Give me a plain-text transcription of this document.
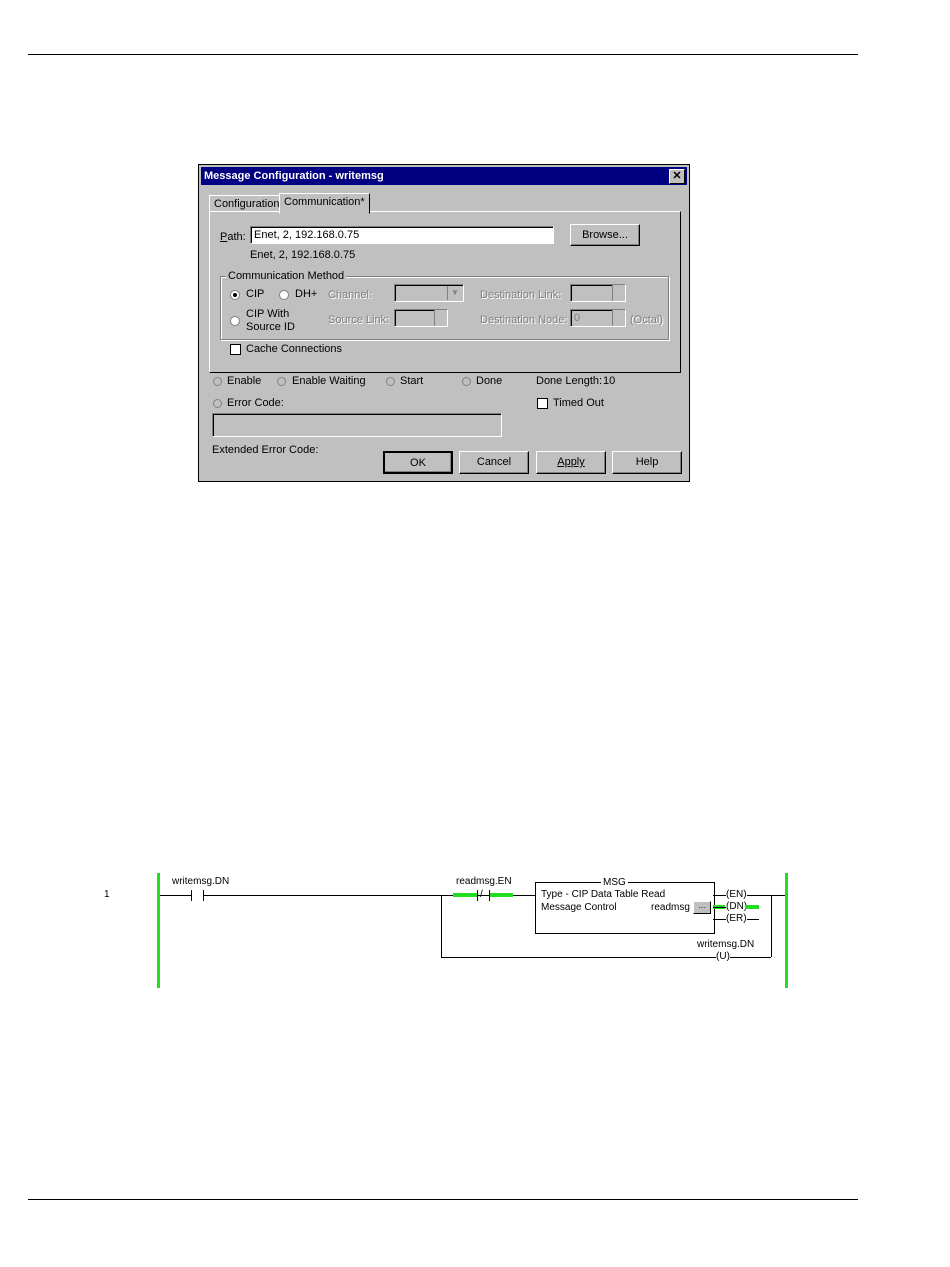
Message Configuration - writemsg	✕
Configuration Communication*
Path: Enet, 2, 192.168.0.75	Browse...
Enet, 2, 192.168.0.75
Communication Method
CIP	DH+ Channel:	▼ Destination Link:
CIP With
Source ID
Source Link:	Destination Node: 0	(Octal)
Cache Connections
Enable	Enable Waiting	Start	Done	Done Length: 10
Error Code:	Timed Out
Extended Error Code:
OK	Cancel	Apply	Help
1
writemsg.DN
/
readmsg.EN	MSG
Type - CIP Data Table Read
Message Control	readmsg	...
(EN)
(DN
(ER)
writemsg.DN
(U)
